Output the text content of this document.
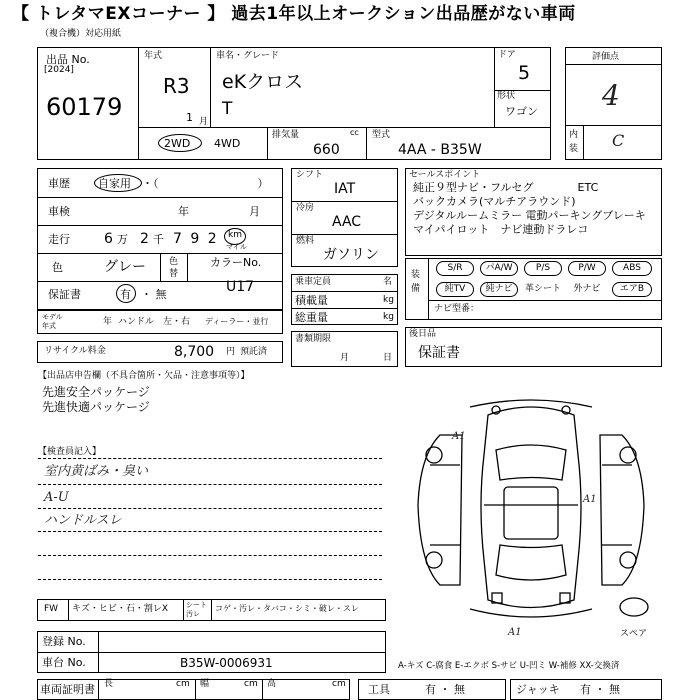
【 トレタマEXコーナー 】 過去1年以上オークション出品歴がない車両
（複合機）対応用紙
出品 No.
[2024]
60179
年式
R3
1 月
車名・グレード
eKクロス
T
ドア
5
形状
ワゴン
2WD 4WD
排気量	cc
660
型式
4AA - B35W
評価点
4
内装 C
車歴	自家用 ・（　　　　　　　　　）
車検	年	月
走行 6 万 2 千 7 9 2 km
マイル
色	グレー	色替
カラーNo.
U17
保証書	有 ・ 無
モデル年式	年 ハンドル　左・右 ディーラー・並行
リサイクル料金	8,700 円 預託済
シフト
IAT
冷房
AAC
燃料
ガソリン
乗車定員	名
積載量	kg
総重量	kg
書類期限
月	日
セールスポイント
純正９型ナビ・フルセグ　　　　ETC
バックカメラ(マルチアラウンド)
デジタルルームミラー 電動パーキングブレーキ
マイパイロット　ナビ連動ドラレコ
装備
S/R	パA/W	P/S	P/W	ABS
純TV	純ナビ	革シート	外ナビ	エアB
ナビ型番：
後日品
保証書
【出品店申告欄（不具合箇所・欠品・注意事項等）】
先進安全パッケージ
先進快適パッケージ
【検査員記入】
室内黄ばみ・臭い
A-U
ハンドルスレ
FW キズ・ヒビ・石・割レX	シート汚レ
コゲ・汚レ・タバコ・シミ・破レ・スレ
登録 No.
車台 No.	B35W-0006931
車両証明書 長	cm 幅	cm 高	cm 工具	有 ・ 無	ジャッキ 有 ・ 無
A1
A1
A1	スペア
A-キズ C-腐食 E-エクボ S-サビ U-凹ミ W-補修 XX-交換済
